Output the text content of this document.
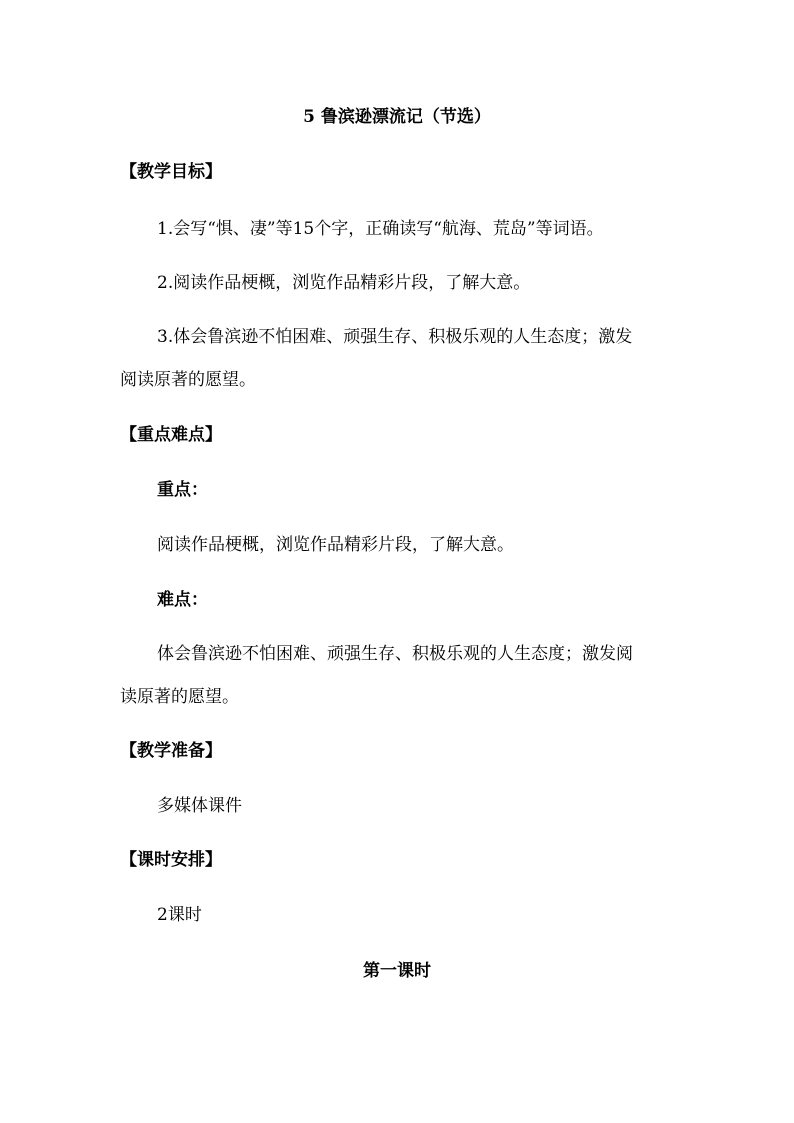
5 鲁滨逊漂流记（节选）
【教学目标】
1.会写“惧、凄”等15个字，正确读写“航海、荒岛”等词语。
2.阅读作品梗概，浏览作品精彩片段，了解大意。
3.体会鲁滨逊不怕困难、顽强生存、积极乐观的人生态度；激发
阅读原著的愿望。
【重点难点】
重点：
阅读作品梗概，浏览作品精彩片段，了解大意。
难点：
体会鲁滨逊不怕困难、顽强生存、积极乐观的人生态度；激发阅
读原著的愿望。
【教学准备】
多媒体课件
【课时安排】
2课时
第一课时
